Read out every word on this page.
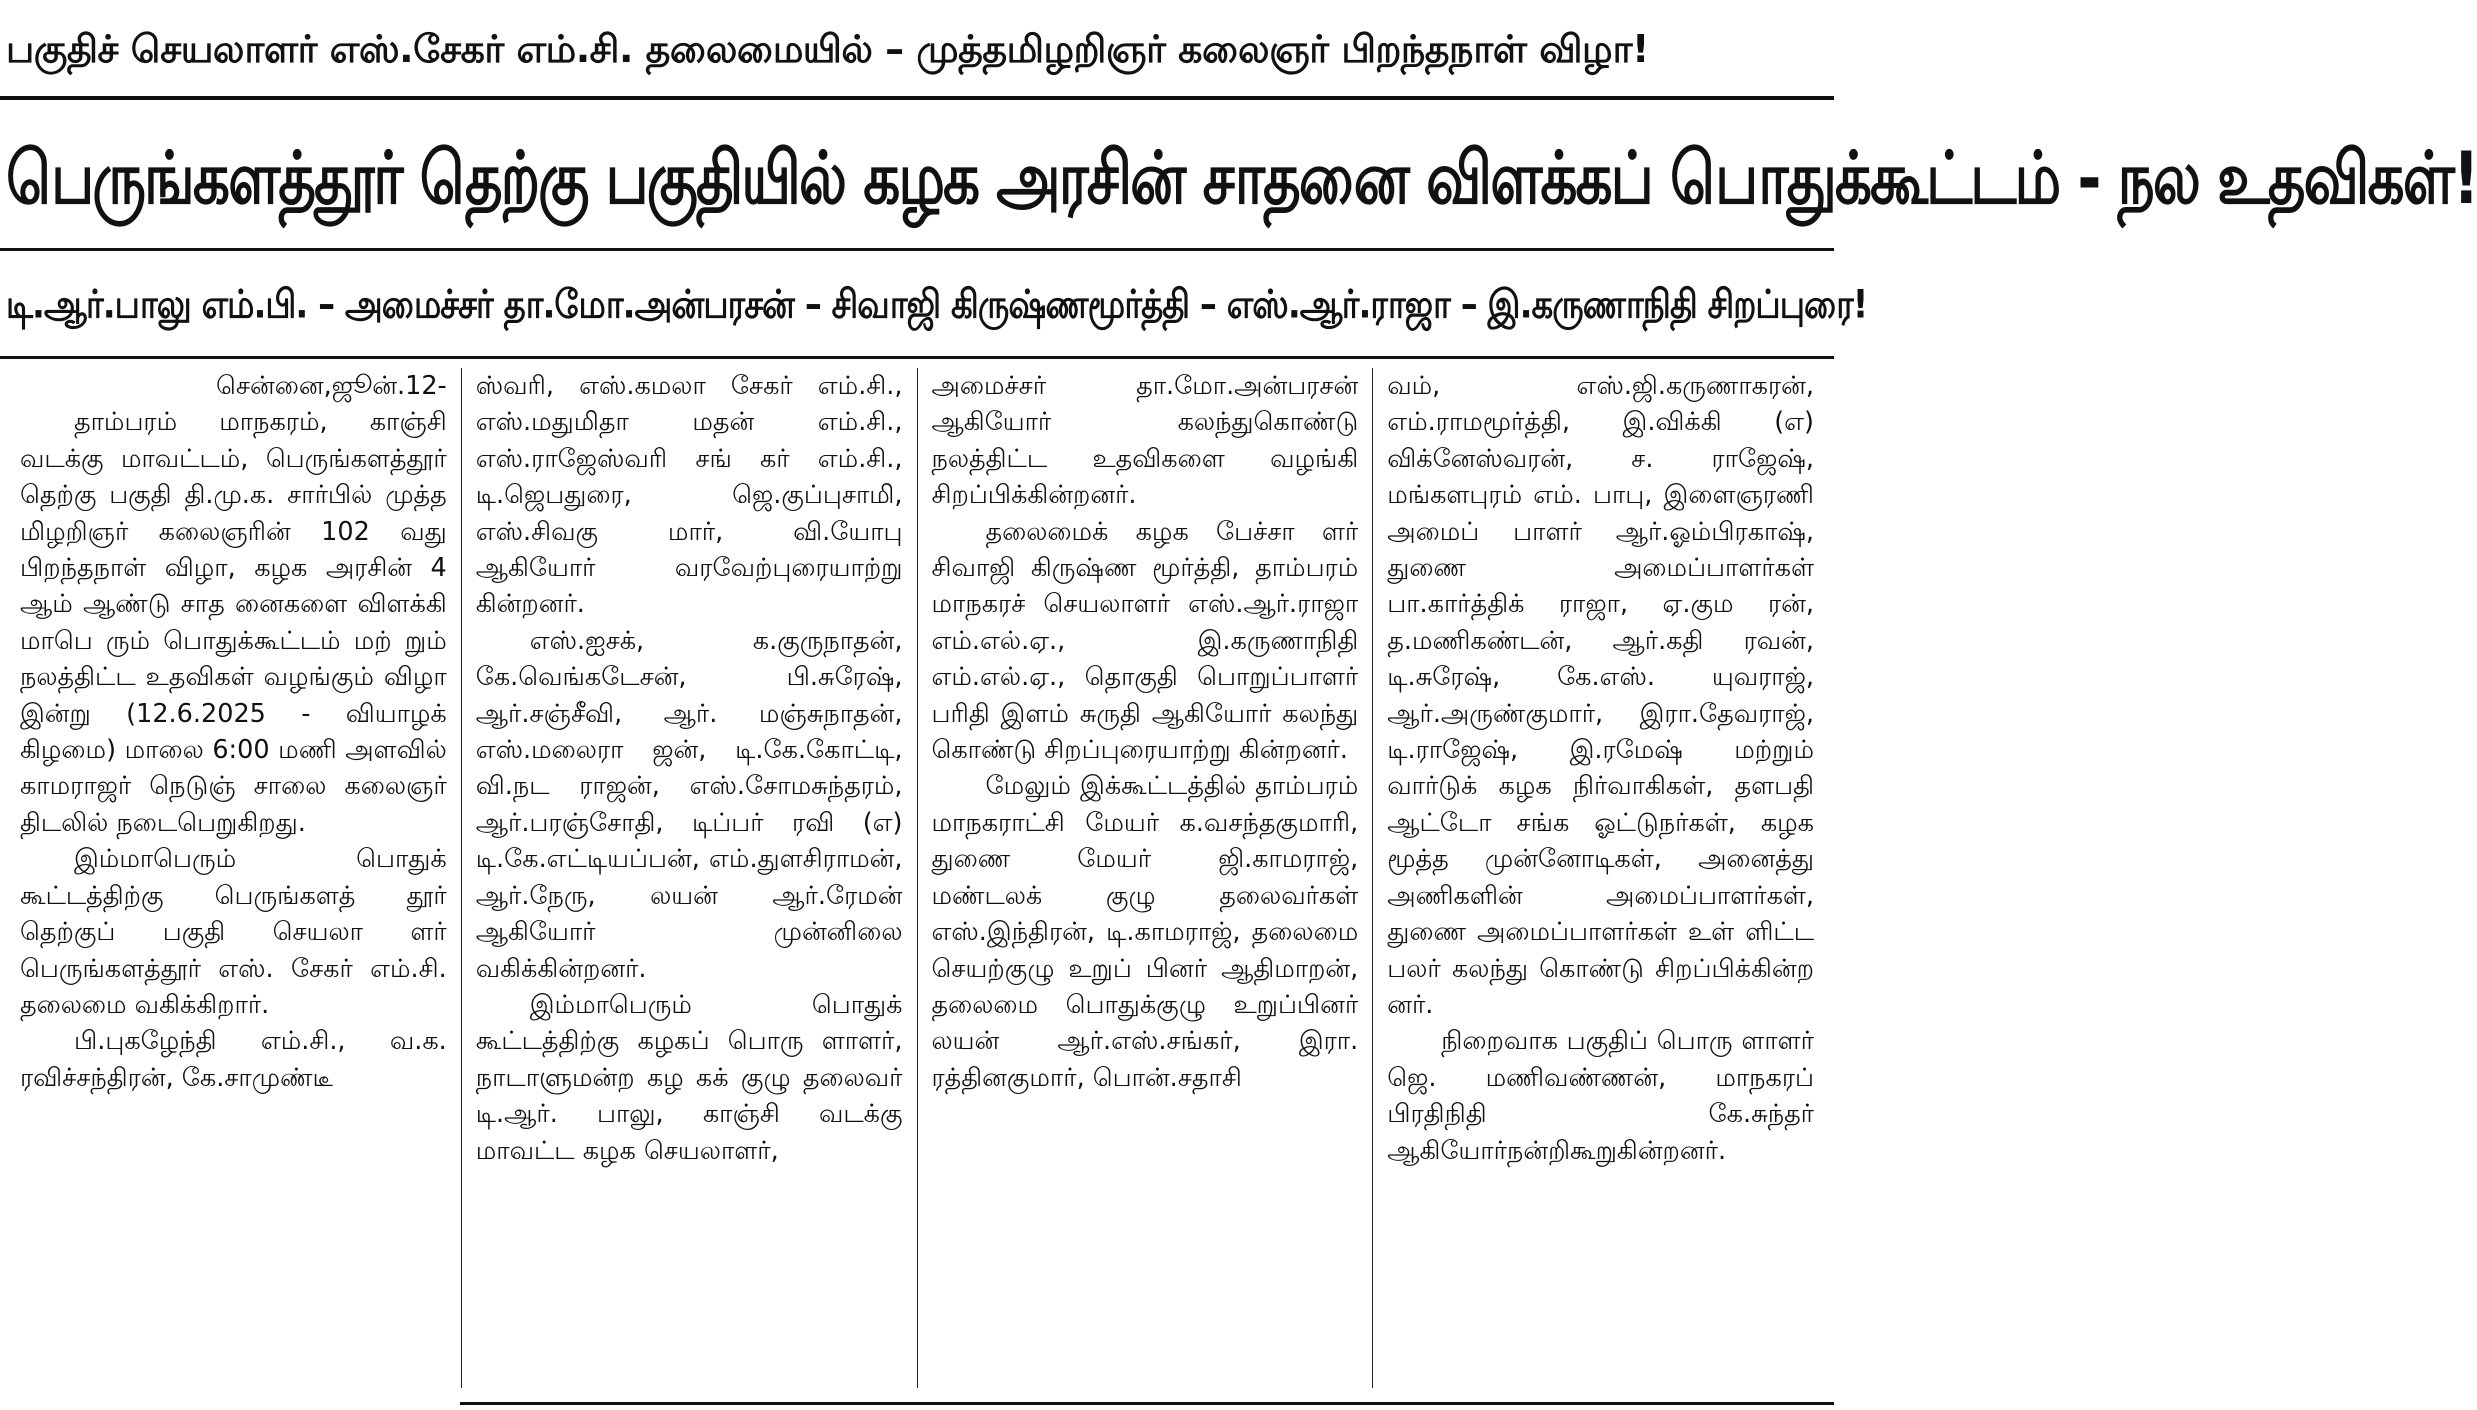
பகுதிச் செயலாளர் எஸ்.சேகர் எம்.சி. தலைமையில் – முத்தமிழறிஞர் கலைஞர் பிறந்தநாள் விழா!
பெருங்களத்தூர் தெற்கு பகுதியில் கழக அரசின் சாதனை விளக்கப் பொதுக்கூட்டம் - நல உதவிகள்!
டி.ஆர்.பாலு எம்.பி. – அமைச்சர் தா.மோ.அன்பரசன் – சிவாஜி கிருஷ்ணமூர்த்தி – எஸ்.ஆர்.ராஜா – இ.கருணாநிதி சிறப்புரை!

சென்னை,ஜூன்.12-

தாம்பரம் மாநகரம், காஞ்சி வடக்கு மாவட்டம், பெருங்களத்தூர் தெற்கு பகுதி தி.மு.க. சார்பில் முத்த மிழறிஞர் கலைஞரின் 102 வது பிறந்தநாள் விழா, கழக அரசின் 4 ஆம் ஆண்டு சாத னைகளை விளக்கி மாபெ ரும் பொதுக்கூட்டம் மற் றும் நலத்திட்ட உதவிகள் வழங்கும் விழா இன்று (12.6.2025 - வியாழக் கிழமை) மாலை 6:00 மணி அளவில் காமராஜர் நெடுஞ் சாலை கலைஞர் திடலில் நடைபெறுகிறது.

இம்மாபெரும் பொதுக் கூட்டத்திற்கு பெருங்களத் தூர் தெற்குப் பகுதி செயலா ளர் பெருங்களத்தூர் எஸ். சேகர் எம்.சி. தலைமை வகிக்கிறார்.

பி.புகழேந்தி எம்.சி., வ.க. ரவிச்சந்திரன், கே.சாமுண்டீ

ஸ்வரி, எஸ்.கமலா சேகர் எம்.சி., எஸ்.மதுமிதா மதன் எம்.சி., எஸ்.ராஜேஸ்வரி சங் கர் எம்.சி., டி.ஜெபதுரை, ஜெ.குப்புசாமி, எஸ்.சிவகு மார், வி.யோபு ஆகியோர் வரவேற்புரையாற்று கின்றனர்.

எஸ்.ஐசக், க.குருநாதன், கே.வெங்கடேசன், பி.சுரேஷ், ஆர்.சஞ்சீவி, ஆர். மஞ்சுநாதன், எஸ்.மலைரா ஜன், டி.கே.கோட்டி, வி.நட ராஜன், எஸ்.சோமசுந்தரம், ஆர்.பரஞ்சோதி, டிப்பர் ரவி (எ) டி.கே.எட்டியப்பன், எம்.துளசிராமன், ஆர்.நேரு, லயன் ஆர்.ரேமன் ஆகியோர் முன்னிலை வகிக்கின்றனர்.

இம்மாபெரும் பொதுக் கூட்டத்திற்கு கழகப் பொரு ளாளர், நாடாளுமன்ற கழ கக் குழு தலைவர் டி.ஆர். பாலு, காஞ்சி வடக்கு மாவட்ட கழக செயலாளர்,

அமைச்சர் தா.மோ.அன்பரசன் ஆகியோர் கலந்துகொண்டு நலத்திட்ட உதவிகளை வழங்கி சிறப்பிக்கின்றனர்.

தலைமைக் கழக பேச்சா ளர் சிவாஜி கிருஷ்ண மூர்த்தி, தாம்பரம் மாநகரச் செயலாளர் எஸ்.ஆர்.ராஜா எம்.எல்.ஏ., இ.கருணாநிதி எம்.எல்.ஏ., தொகுதி பொறுப்பாளர் பரிதி இளம் சுருதி ஆகியோர் கலந்து கொண்டு சிறப்புரையாற்று கின்றனர்.

மேலும் இக்கூட்டத்தில் தாம்பரம் மாநகராட்சி மேயர் க.வசந்தகுமாரி, துணை மேயர் ஜி.காமராஜ், மண்டலக் குழு தலைவர்கள் எஸ்.இந்திரன், டி.காமராஜ், தலைமை செயற்குழு உறுப் பினர் ஆதிமாறன், தலைமை பொதுக்குழு உறுப்பினர் லயன் ஆர்.எஸ்.சங்கர், இரா. ரத்தினகுமார், பொன்.சதாசி

வம், எஸ்.ஜி.கருணாகரன், எம்.ராமமூர்த்தி, இ.விக்கி (எ) விக்னேஸ்வரன், ச. ராஜேஷ், மங்களபுரம் எம். பாபு, இளைஞரணி அமைப் பாளர் ஆர்.ஓம்பிரகாஷ், துணை அமைப்பாளர்கள் பா.கார்த்திக் ராஜா, ஏ.கும ரன், த.மணிகண்டன், ஆர்.கதி ரவன், டி.சுரேஷ், கே.எஸ். யுவராஜ், ஆர்.அருண்குமார், இரா.தேவராஜ், டி.ராஜேஷ், இ.ரமேஷ் மற்றும் வார்டுக் கழக நிர்வாகிகள், தளபதி ஆட்டோ சங்க ஓட்டுநர்கள், கழக மூத்த முன்னோடிகள், அனைத்து அணிகளின் அமைப்பாளர்கள், துணை அமைப்பாளர்கள் உள் ளிட்ட பலர் கலந்து கொண்டு சிறப்பிக்கின்ற னர்.

நிறைவாக பகுதிப் பொரு ளாளர் ஜெ. மணிவண்ணன், மாநகரப் பிரதிநிதி கே.சுந்தர் ஆகியோர்நன்றிகூறுகின்றனர்.
